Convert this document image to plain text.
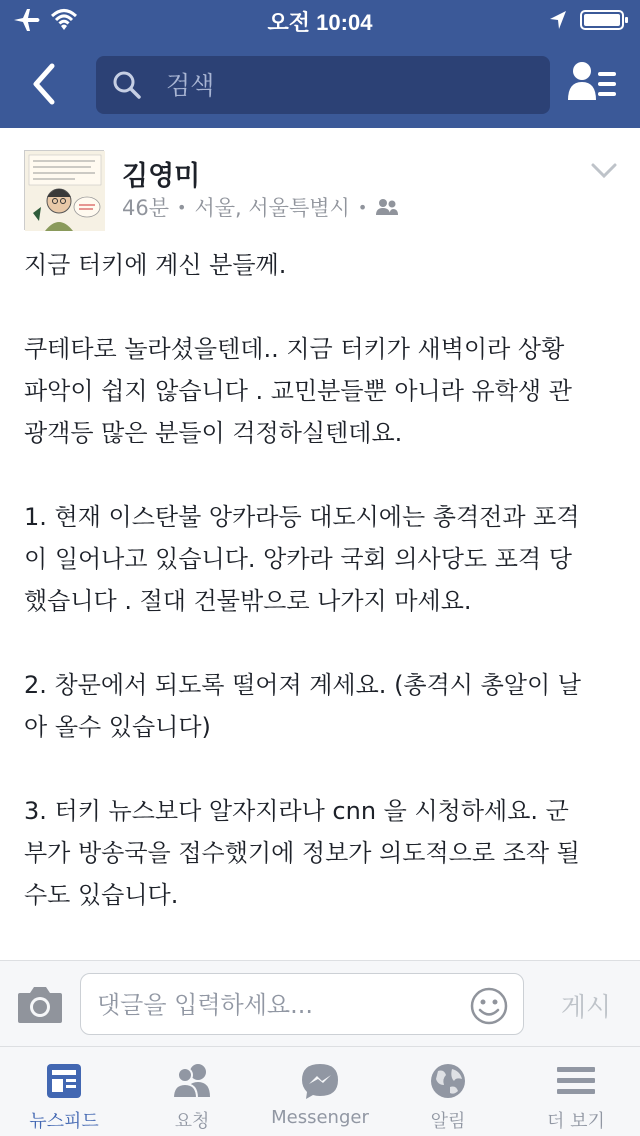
오전 10:04
검색
김영미
46분 • 서울, 서울특별시 •

지금 터키에 계신 분들께.

쿠테타로 놀라셨을텐데.. 지금 터키가 새벽이라 상황
파악이 쉽지 않습니다 . 교민분들뿐 아니라 유학생 관
광객등 많은 분들이 걱정하실텐데요.

1. 현재 이스탄불 앙카라등 대도시에는 총격전과 포격
이 일어나고 있습니다. 앙카라 국회 의사당도 포격 당
했습니다 . 절대 건물밖으로 나가지 마세요.

2. 창문에서 되도록 떨어져 계세요. (총격시 총알이 날
아 올수 있습니다)

3. 터키 뉴스보다 알자지라나 cnn 을 시청하세요. 군
부가 방송국을 접수했기에 정보가 의도적으로 조작 될
수도 있습니다.

댓글을 입력하세요...
게시
뉴스피드	요청	Messenger	알림	더 보기
